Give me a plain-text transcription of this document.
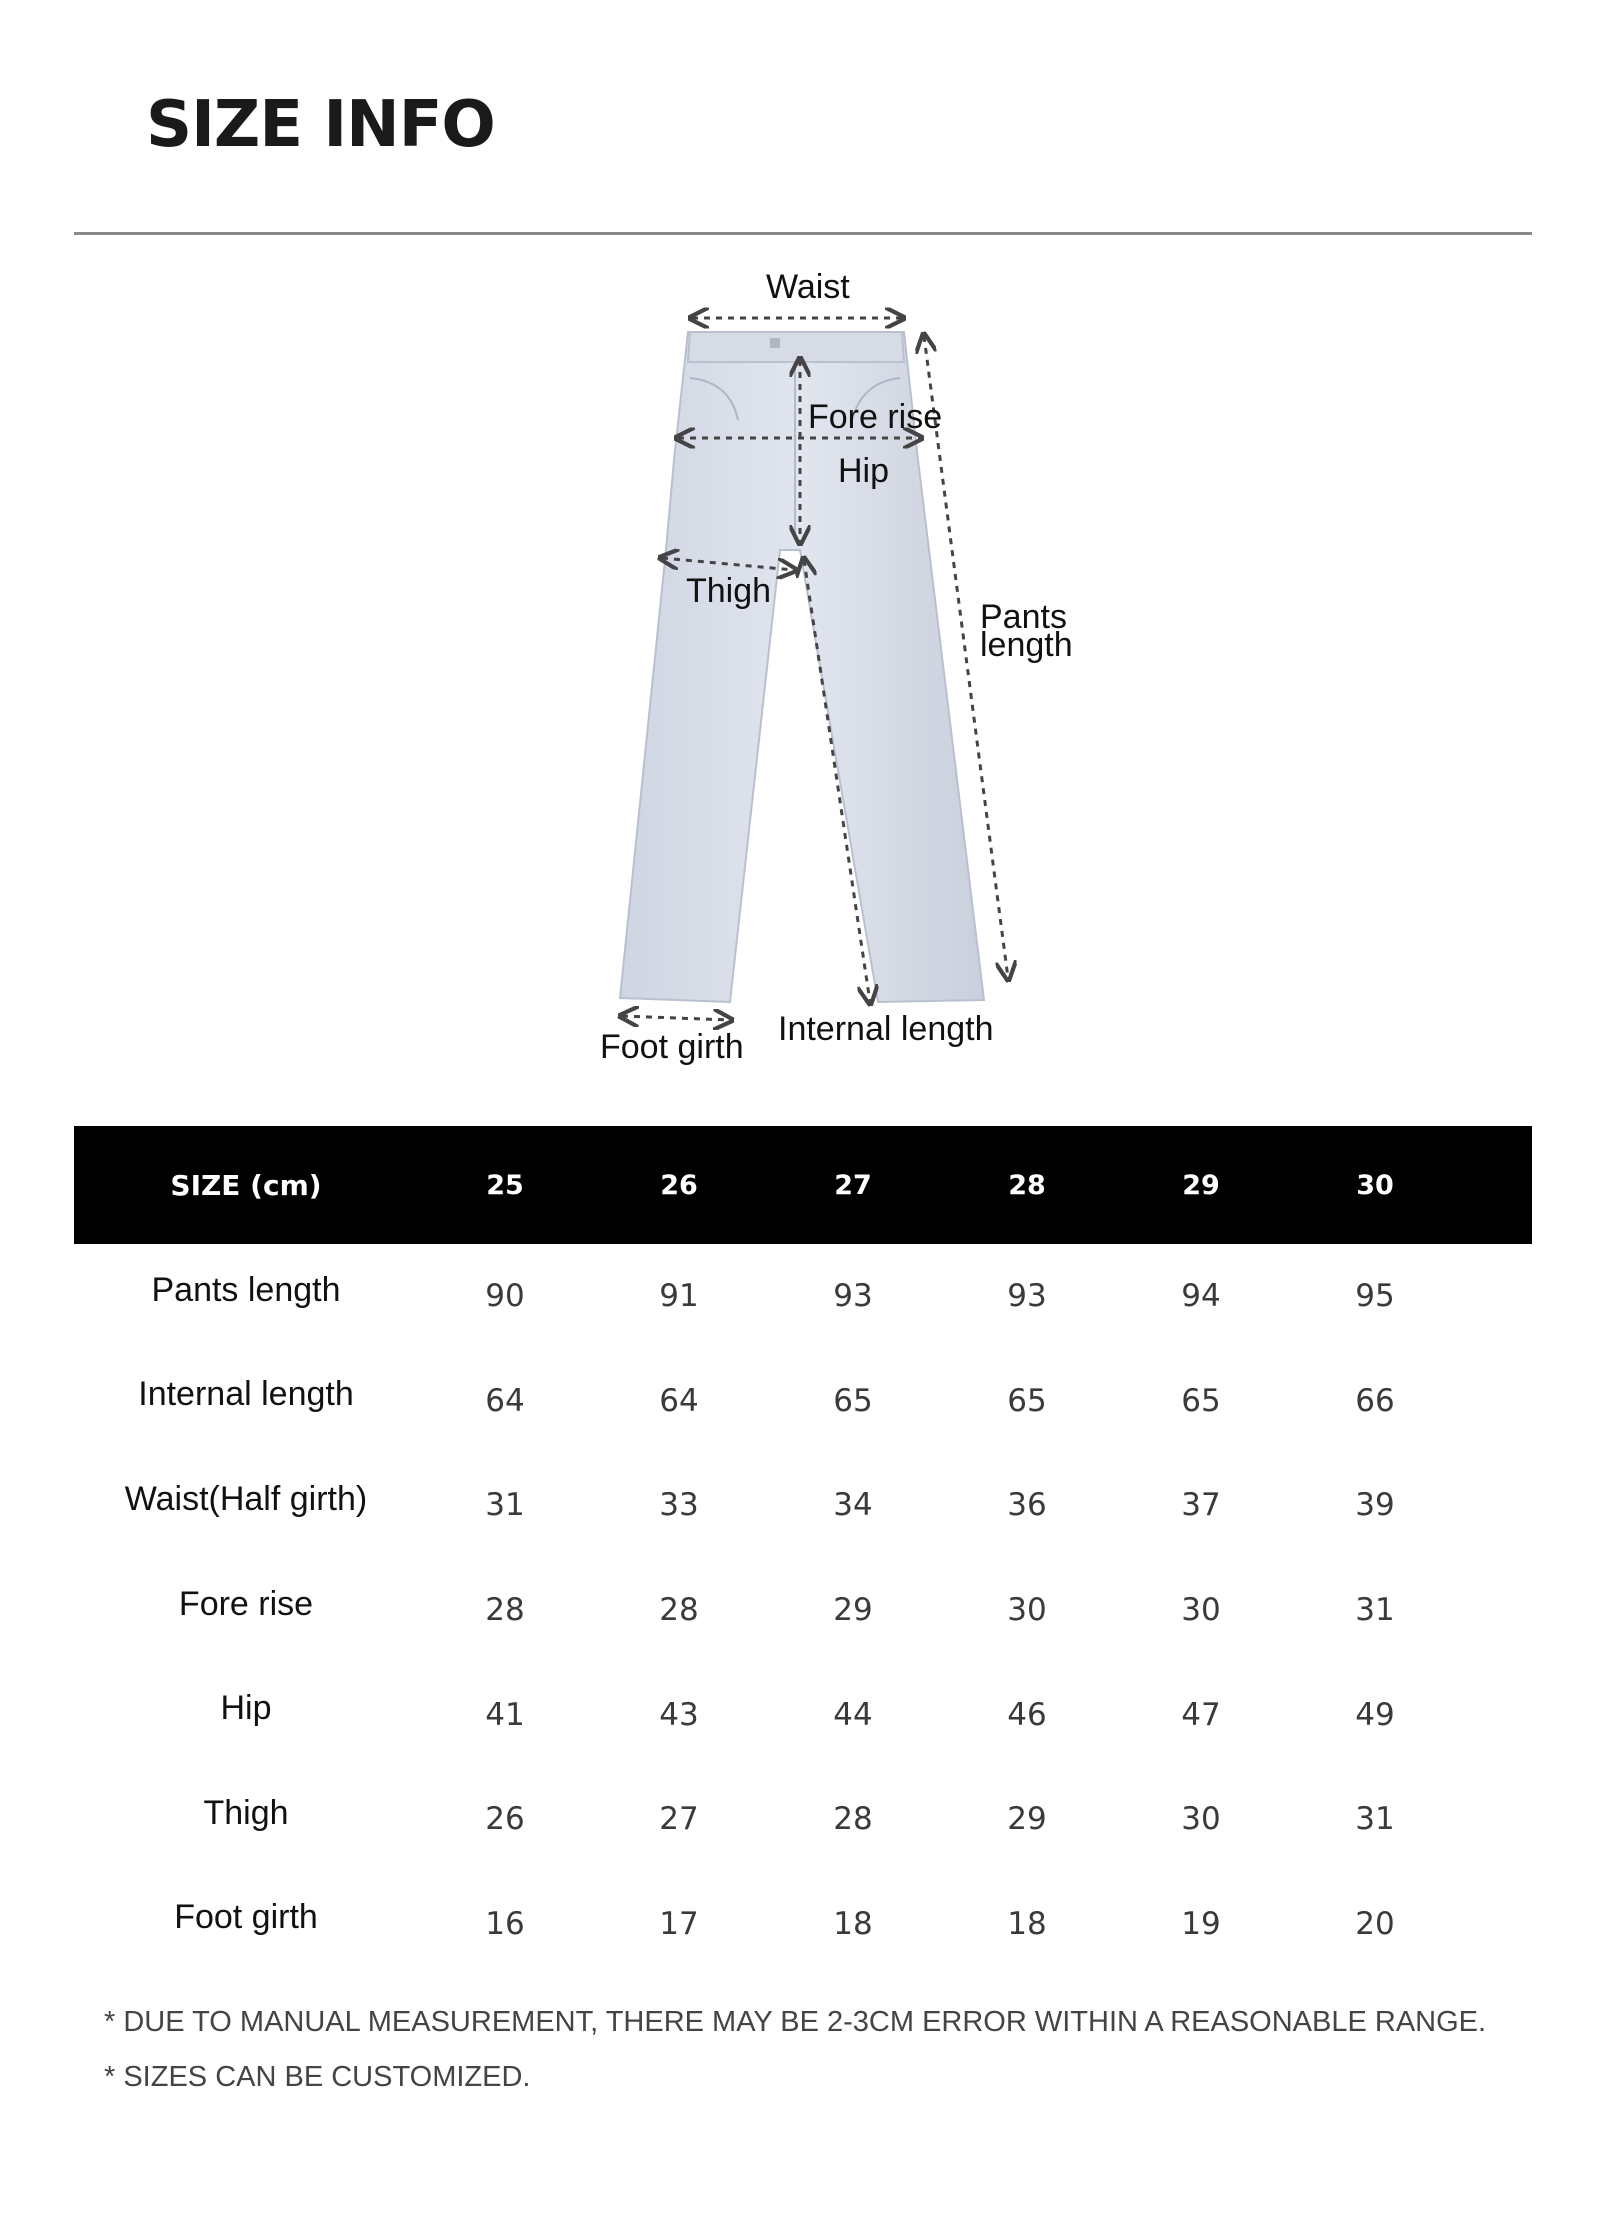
SIZE INFO
Waist
Fore rise
Hip
Thigh
Pants
length
Internal length
Foot girth
SIZE (cm)	25	26	27	28	29	30
Pants length	90	91	93	93	94	95
Internal length	64	64	65	65	65	66
Waist(Half girth)	31	33	34	36	37	39
Fore rise	28	28	29	30	30	31
Hip	41	43	44	46	47	49
Thigh	26	27	28	29	30	31
Foot girth	16	17	18	18	19	20

* DUE TO MANUAL MEASUREMENT, THERE MAY BE 2-3CM ERROR WITHIN A REASONABLE RANGE.

* SIZES CAN BE CUSTOMIZED.
